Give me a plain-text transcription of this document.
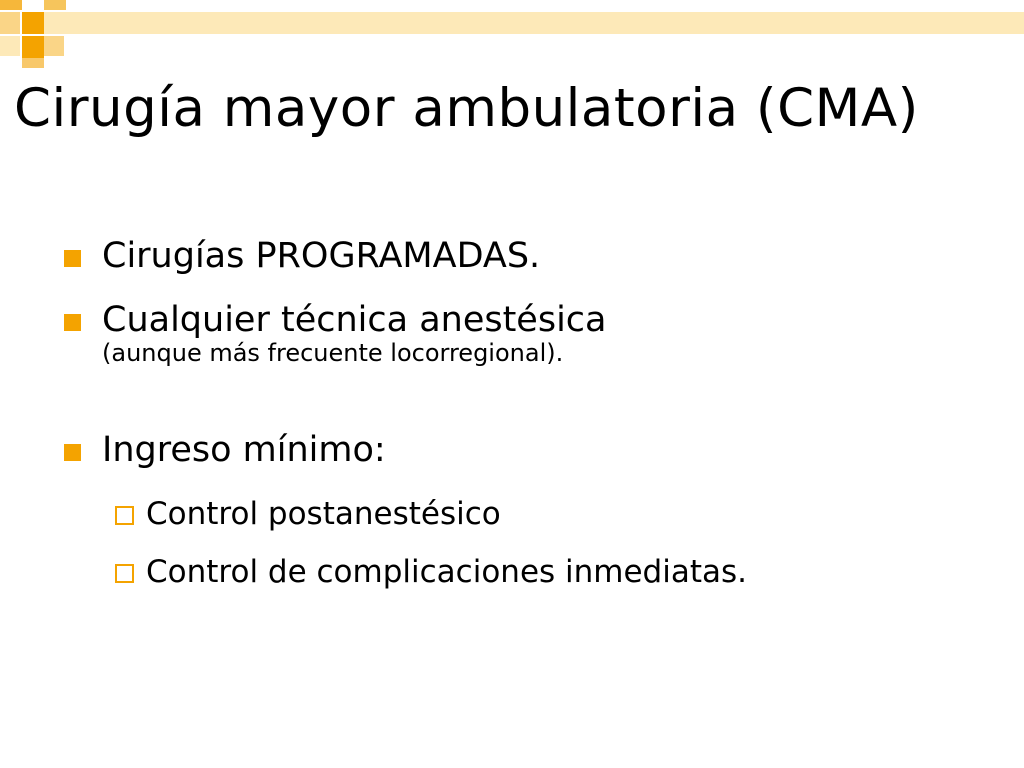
Cirugía mayor ambulatoria (CMA)
Cirugías PROGRAMADAS.
Cualquier técnica anestésica
(aunque más frecuente locorregional).
Ingreso mínimo:
Control postanestésico
Control de complicaciones inmediatas.
